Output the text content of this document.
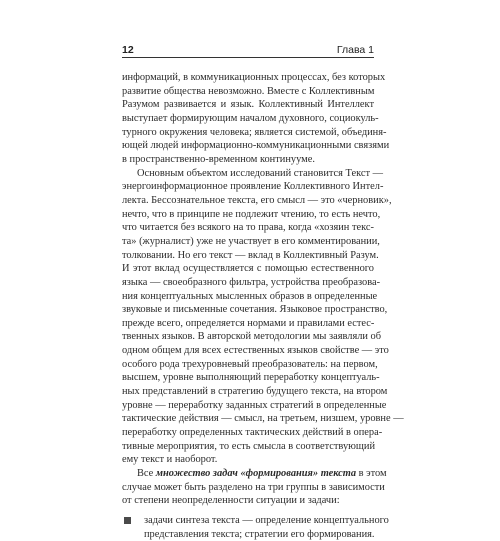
12	Глава 1
информаций, в коммуникационных процессах, без которых
развитие общества невозможно. Вместе с Коллективным
Разумом развивается и язык. Коллективный Интеллект
выступает формирующим началом духовного, социокуль-
турного окружения человека; является системой, объединя-
ющей людей информационно-коммуникационными связями
в пространственно-временном континууме.
Основным объектом исследований становится Текст —
энергоинформационное проявление Коллективного Интел-
лекта. Бессознательное текста, его смысл — это «черновик»,
нечто, что в принципе не подлежит чтению, то есть нечто,
что читается без всякого на то права, когда «хозяин текс-
та» (журналист) уже не участвует в его комментировании,
толковании. Но его текст — вклад в Коллективный Разум.
И этот вклад осуществляется с помощью естественного
языка — своеобразного фильтра, устройства преобразова-
ния концептуальных мысленных образов в определенные
звуковые и письменные сочетания. Языковое пространство,
прежде всего, определяется нормами и правилами естес-
твенных языков. В авторской методологии мы заявляли об
одном общем для всех естественных языков свойстве — это
особого рода трехуровневый преобразователь: на первом,
высшем, уровне выполняющий перерaботку концептуаль-
ных представлений в стратегию будущего текста, на втором
уровне — переработку заданных стратегий в определенные
тактические действия — смысл, на третьем, низшем, уровне —
переработку определенных тактических действий в опера-
тивные мероприятия, то есть смысла в соответствующий
ему текст и наоборот.
Все множество задач «формирования» текста в этом
случае может быть разделено на три группы в зависимости
от степени неопределенности ситуации и задачи:
задачи синтеза текста — определение концептуального
представления текста; стратегии его формирования.
